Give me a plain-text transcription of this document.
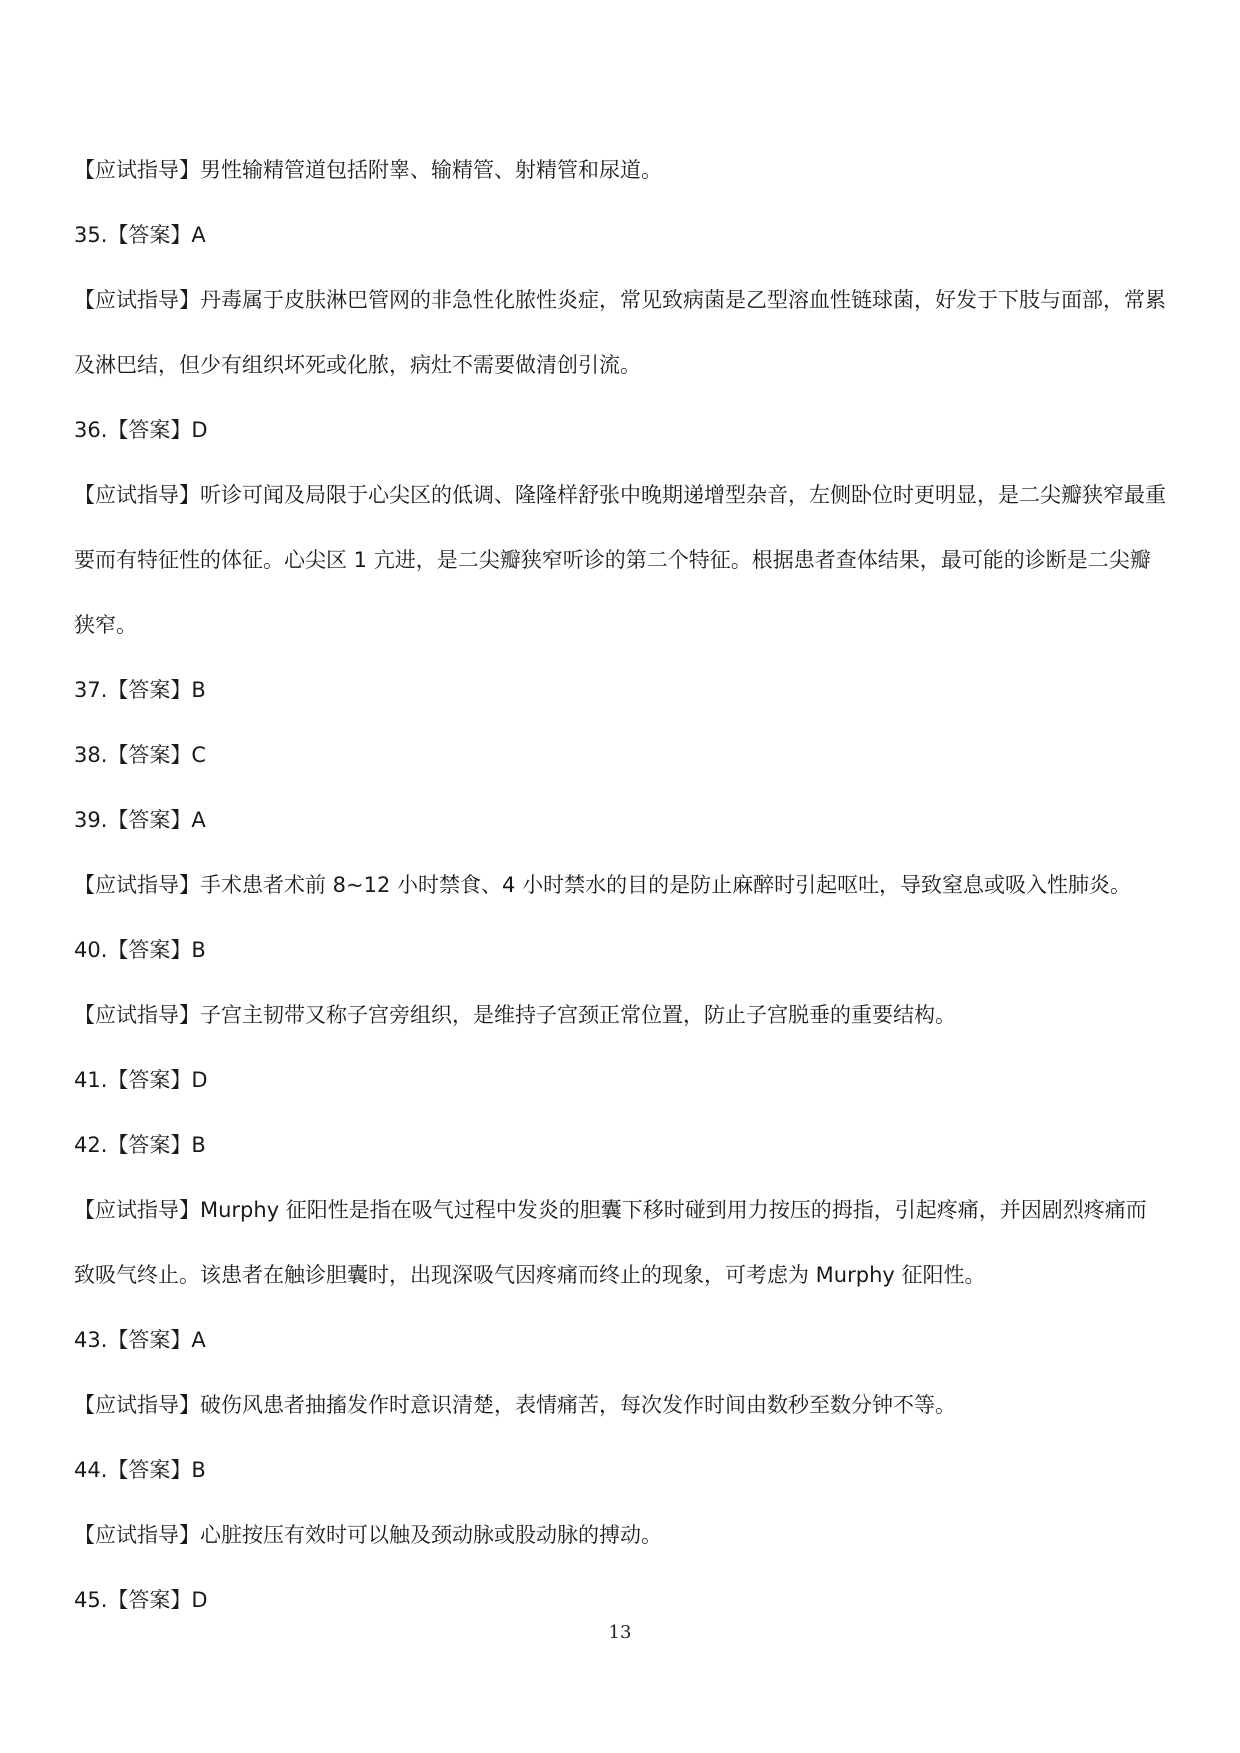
【应试指导】男性输精管道包括附睾、输精管、射精管和尿道。
35.【答案】A
【应试指导】丹毒属于皮肤淋巴管网的非急性化脓性炎症，常见致病菌是乙型溶血性链球菌，好发于下肢与面部，常累及淋巴结，但少有组织坏死或化脓，病灶不需要做清创引流。
36.【答案】D
【应试指导】听诊可闻及局限于心尖区的低调、隆隆样舒张中晚期递增型杂音，左侧卧位时更明显，是二尖瓣狭窄最重要而有特征性的体征。心尖区 1 亢进，是二尖瓣狭窄听诊的第二个特征。根据患者查体结果，最可能的诊断是二尖瓣狭窄。
37.【答案】B
38.【答案】C
39.【答案】A
【应试指导】手术患者术前 8~12 小时禁食、4 小时禁水的目的是防止麻醉时引起呕吐，导致窒息或吸入性肺炎。
40.【答案】B
【应试指导】子宫主韧带又称子宫旁组织，是维持子宫颈正常位置，防止子宫脱垂的重要结构。
41.【答案】D
42.【答案】B
【应试指导】Murphy 征阳性是指在吸气过程中发炎的胆囊下移时碰到用力按压的拇指，引起疼痛，并因剧烈疼痛而致吸气终止。该患者在触诊胆囊时，出现深吸气因疼痛而终止的现象，可考虑为 Murphy 征阳性。
43.【答案】A
【应试指导】破伤风患者抽搐发作时意识清楚，表情痛苦，每次发作时间由数秒至数分钟不等。
44.【答案】B
【应试指导】心脏按压有效时可以触及颈动脉或股动脉的搏动。
45.【答案】D
13
